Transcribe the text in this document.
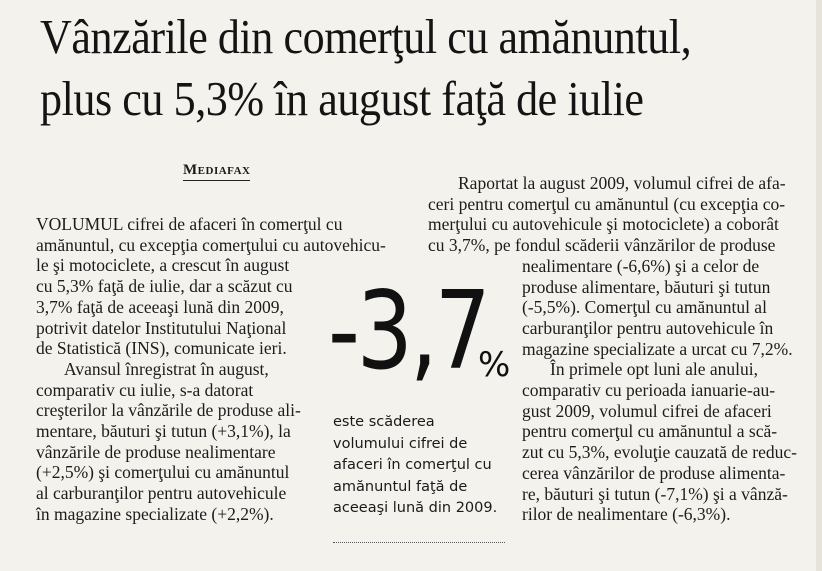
Vânzările din comerţul cu amănuntul,
plus cu 5,3% în august faţă de iulie
Mediafax
VOLUMUL cifrei de afaceri în comerţul cu
amănuntul, cu excepţia comerţului cu autovehicu-
le şi motociclete, a crescut în august
cu 5,3% faţă de iulie, dar a scăzut cu
3,7% faţă de aceeaşi lună din 2009,
potrivit datelor Institutului Naţional
de Statistică (INS), comunicate ieri.
Avansul înregistrat în august,
comparativ cu iulie, s-a datorat
creşterilor la vânzările de produse ali-
mentare, băuturi şi tutun (+3,1%), la
vânzările de produse nealimentare
(+2,5%) şi comerţului cu amănuntul
al carburanţilor pentru autovehicule
în magazine specializate (+2,2%).
Raportat la august 2009, volumul cifrei de afa-
ceri pentru comerţul cu amănuntul (cu excepţia co-
merţului cu autovehicule şi motociclete) a coborât
cu 3,7%, pe fondul scăderii vânzărilor de produse
nealimentare (-6,6%) şi a celor de
produse alimentare, băuturi şi tutun
(-5,5%). Comerţul cu amănuntul al
carburanţilor pentru autovehicule în
magazine specializate a urcat cu 7,2%.
În primele opt luni ale anului,
comparativ cu perioada ianuarie-au-
gust 2009, volumul cifrei de afaceri
pentru comerţul cu amănuntul a scă-
zut cu 5,3%, evoluţie cauzată de reduc-
cerea vânzărilor de produse alimenta-
re, băuturi şi tutun (-7,1%) şi a vânză-
rilor de nealimentare (-6,3%).
-3,7
%
este scăderea
volumului cifrei de
afaceri în comerţul cu
amănuntul faţă de
aceeaşi lună din 2009.
